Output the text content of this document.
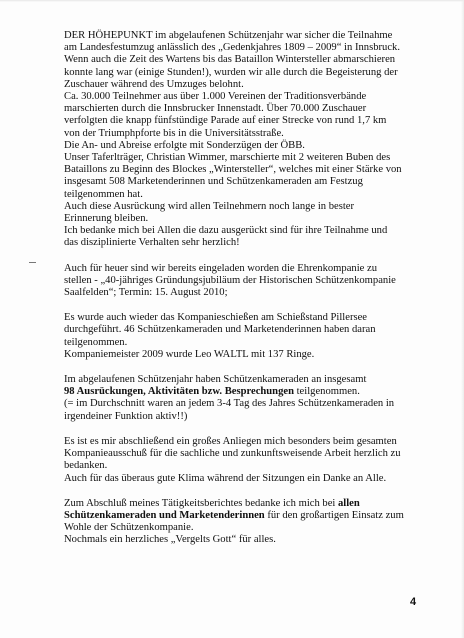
DER HÖHEPUNKT im abgelaufenen Schützenjahr war sicher die Teilnahme
am Landesfestumzug anlässlich des „Gedenkjahres 1809 – 2009“ in Innsbruck.
Wenn auch die Zeit des Wartens bis das Bataillon Wintersteller abmarschieren
konnte lang war (einige Stunden!), wurden wir alle durch die Begeisterung der
Zuschauer während des Umzuges belohnt.
Ca. 30.000 Teilnehmer aus über 1.000 Vereinen der Traditionsverbände
marschierten durch die Innsbrucker Innenstadt. Über 70.000 Zuschauer
verfolgten die knapp fünfstündige Parade auf einer Strecke von rund 1,7 km
von der Triumphpforte bis in die Universitätsstraße.
Die An- und Abreise erfolgte mit Sonderzügen der ÖBB.
Unser Taferlträger, Christian Wimmer, marschierte mit 2 weiteren Buben des
Bataillons zu Beginn des Blockes „Wintersteller“, welches mit einer Stärke von
insgesamt 508 Marketenderinnen und Schützenkameraden am Festzug
teilgenommen hat.
Auch diese Ausrückung wird allen Teilnehmern noch lange in bester
Erinnerung bleiben.
Ich bedanke mich bei Allen die dazu ausgerückt sind für ihre Teilnahme und
das disziplinierte Verhalten sehr herzlich!
Auch für heuer sind wir bereits eingeladen worden die Ehrenkompanie zu
stellen - „40-jähriges Gründungsjubiläum der Historischen Schützenkompanie
Saalfelden“; Termin: 15. August 2010;
Es wurde auch wieder das Kompanieschießen am Schießstand Pillersee
durchgeführt. 46 Schützenkameraden und Marketenderinnen haben daran
teilgenommen.
Kompaniemeister 2009 wurde Leo WALTL mit 137 Ringe.
Im abgelaufenen Schützenjahr haben Schützenkameraden an insgesamt
98 Ausrückungen, Aktivitäten bzw. Besprechungen teilgenommen.
(= im Durchschnitt waren an jedem 3-4 Tag des Jahres Schützenkameraden in
irgendeiner Funktion aktiv!!)
Es ist es mir abschließend ein großes Anliegen mich besonders beim gesamten
Kompanieausschuß für die sachliche und zunkunftsweisende Arbeit herzlich zu
bedanken.
Auch für das überaus gute Klima während der Sitzungen ein Danke an Alle.
Zum Abschluß meines Tätigkeitsberichtes bedanke ich mich bei allen
Schützenkameraden und Marketenderinnen für den großartigen Einsatz zum
Wohle der Schützenkompanie.
Nochmals ein herzliches „Vergelts Gott“ für alles.
4
